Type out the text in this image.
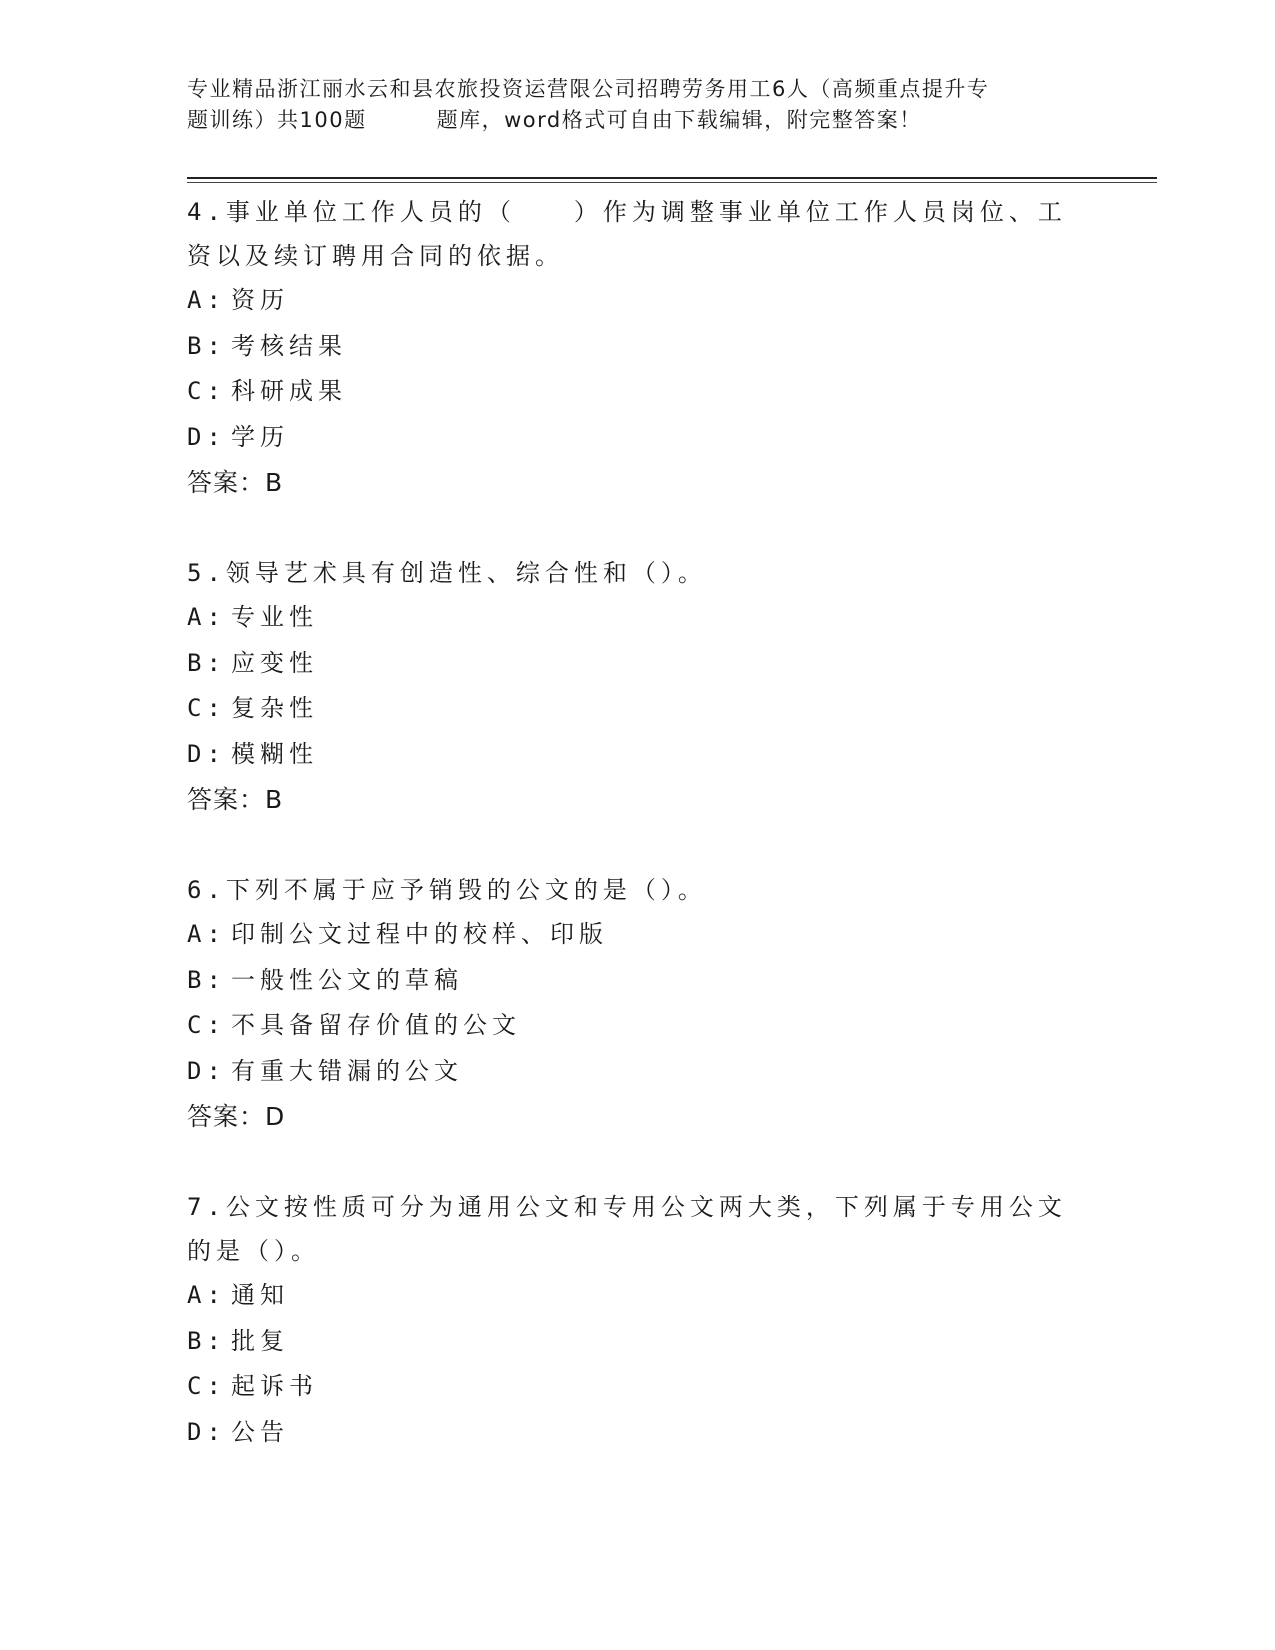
专业精品浙江丽水云和县农旅投资运营限公司招聘劳务用工6人（高频重点提升专
题训练）共100题	题库，word格式可自由下载编辑，附完整答案！
4.事业单位工作人员的（　　）作为调整事业单位工作人员岗位、工
资以及续订聘用合同的依据。
A: 资历
B: 考核结果
C: 科研成果
D: 学历
答案：B
5.领导艺术具有创造性、综合性和（）。
A: 专业性
B: 应变性
C: 复杂性
D: 模糊性
答案：B
6.下列不属于应予销毁的公文的是（）。
A: 印制公文过程中的校样、印版
B: 一般性公文的草稿
C: 不具备留存价值的公文
D: 有重大错漏的公文
答案：D
7.公文按性质可分为通用公文和专用公文两大类，下列属于专用公文
的是（）。
A: 通知
B: 批复
C: 起诉书
D: 公告
